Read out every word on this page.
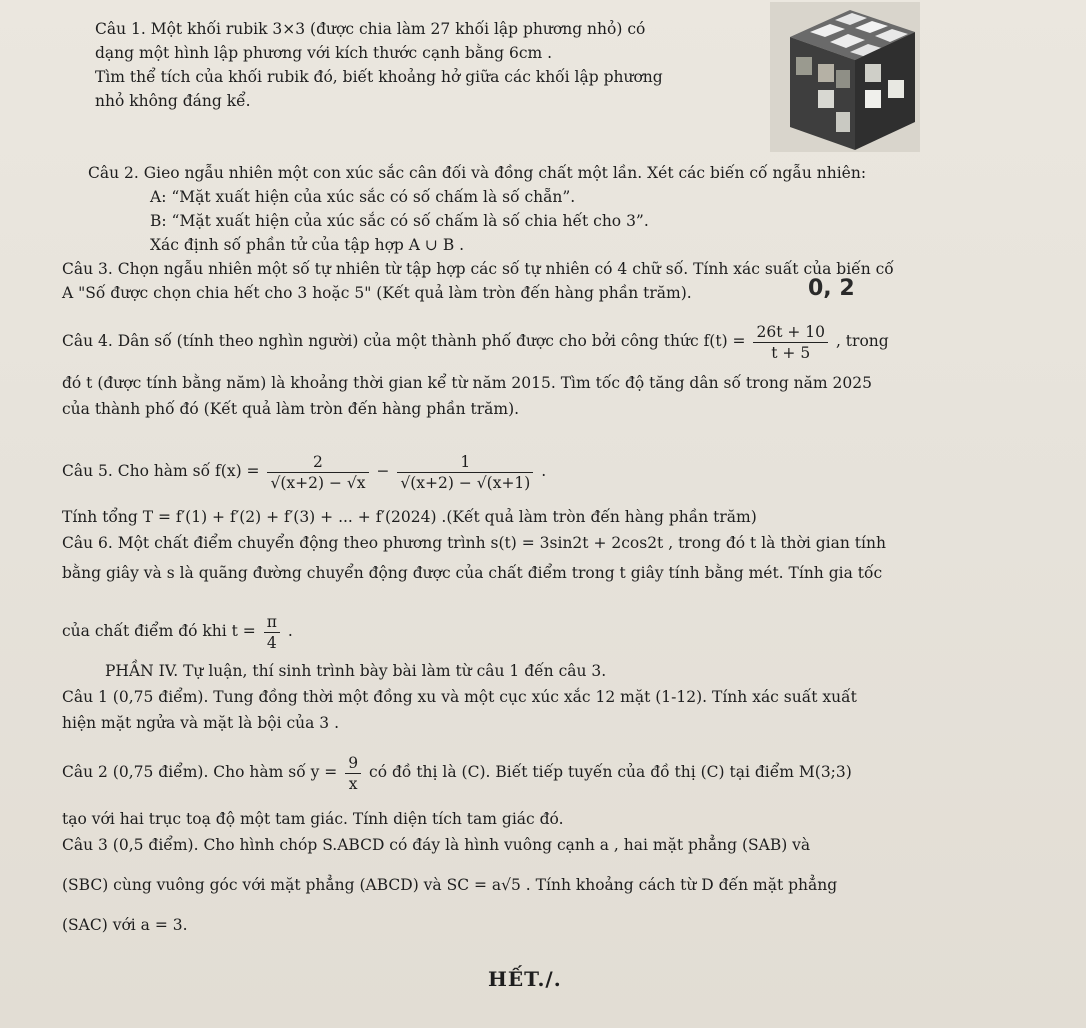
Câu 1. Một khối rubik 3×3 (được chia làm 27 khối lập phương nhỏ) có
dạng một hình lập phương với kích thước cạnh bằng 6cm .
Tìm thể tích của khối rubik đó, biết khoảng hở giữa các khối lập phương
nhỏ không đáng kể.
Câu 2. Gieo ngẫu nhiên một con xúc sắc cân đối và đồng chất một lần. Xét các biến cố ngẫu nhiên:
A: “Mặt xuất hiện của xúc sắc có số chấm là số chẵn”.
B: “Mặt xuất hiện của xúc sắc có số chấm là số chia hết cho 3”.
Xác định số phần tử của tập hợp A ∪ B .
Câu 3. Chọn ngẫu nhiên một số tự nhiên từ tập hợp các số tự nhiên có 4 chữ số. Tính xác suất của biến cố
A "Số được chọn chia hết cho 3 hoặc 5" (Kết quả làm tròn đến hàng phần trăm).	0, 2
Câu 4. Dân số (tính theo nghìn người) của một thành phố được cho bởi công thức $f(t) = \frac{26t + 10}{t + 5}$ , trong
đó t (được tính bằng năm) là khoảng thời gian kể từ năm 2015. Tìm tốc độ tăng dân số trong năm 2025
của thành phố đó (Kết quả làm tròn đến hàng phần trăm).
Câu 5. Cho hàm số $f(x) = \frac{2}{√(x+2) - √x} - \frac{1}{√(x+2) - √(x+1)}$ .
Tính tổng T = f′(1) + f′(2) + f′(3) + ... + f′(2024) .(Kết quả làm tròn đến hàng phần trăm)
Câu 6. Một chất điểm chuyển động theo phương trình s(t) = 3sin2t + 2cos2t , trong đó t là thời gian tính
bằng giây và s là quãng đường chuyển động được của chất điểm trong t giây tính bằng mét. Tính gia tốc
của chất điểm đó khi $t = \frac{\pi}{4}$ .
PHẦN IV. Tự luận, thí sinh trình bày bài làm từ câu 1 đến câu 3.
Câu 1 (0,75 điểm). Tung đồng thời một đồng xu và một cục xúc xắc 12 mặt (1-12). Tính xác suất xuất
hiện mặt ngửa và mặt là bội của 3 .
Câu 2 (0,75 điểm). Cho hàm số $y = \frac{9}{x}$ có đồ thị là (C). Biết tiếp tuyến của đồ thị (C) tại điểm M(3;3)
tạo với hai trục toạ độ một tam giác. Tính diện tích tam giác đó.
Câu 3 (0,5 điểm). Cho hình chóp S.ABCD có đáy là hình vuông cạnh a , hai mặt phẳng (SAB) và
(SBC) cùng vuông góc với mặt phẳng (ABCD) và SC = a√5 . Tính khoảng cách từ D đến mặt phẳng
(SAC) với a = 3.
HẾT./.
